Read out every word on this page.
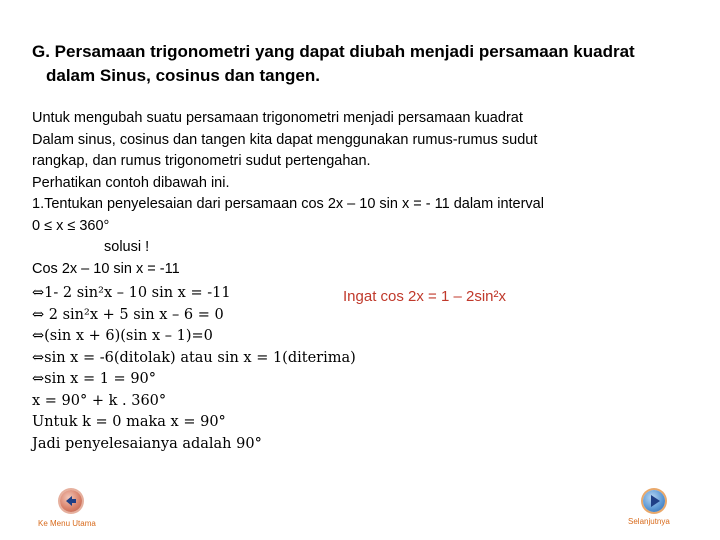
G. Persamaan trigonometri yang dapat diubah menjadi persamaan kuadrat
dalam Sinus, cosinus dan tangen.
Untuk mengubah suatu persamaan trigonometri menjadi persamaan kuadrat
Dalam sinus, cosinus dan tangen kita dapat menggunakan rumus-rumus sudut
rangkap, dan rumus trigonometri sudut pertengahan.
Perhatikan contoh dibawah ini.
1.Tentukan penyelesaian dari persamaan cos 2x – 10 sin x = - 11 dalam interval
0 ≤ x ≤ 360°
solusi !
Cos 2x – 10 sin x = -11
⇔1- 2 sin²x – 10 sin x = -11
⇔ 2 sin²x + 5 sin x – 6 = 0
⇔(sin x + 6)(sin x – 1)=0
⇔sin x = -6(ditolak) atau sin x = 1(diterima)
⇔sin x = 1 = 90°
x = 90° + k . 360°
Untuk k = 0 maka x = 90°
Jadi penyelesaianya adalah 90°
Ingat cos 2x = 1 – 2sin²x
Ke Menu Utama	Selanjutnya
